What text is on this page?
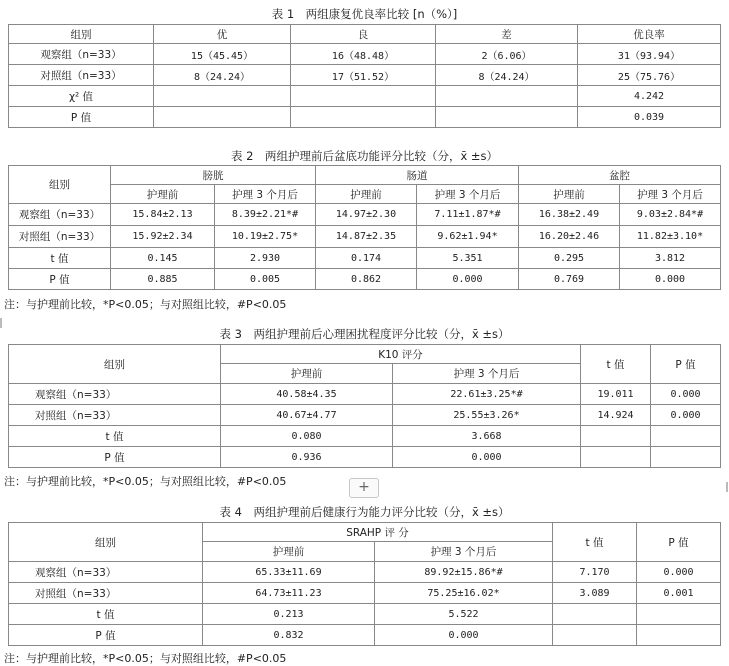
表 1　两组康复优良率比较 [n（%）]
组别	优	良	差	优良率
观察组（n=33）	15（45.45）	16（48.48）	2（6.06）	31（93.94）
对照组（n=33）	8（24.24）	17（51.52）	8（24.24）	25（75.76）
χ² 值				4.242
P 值				0.039
表 2　两组护理前后盆底功能评分比较（分，x̄ ±s）
组别	膀胱		肠道		盆腔	
	护理前	护理 3 个月后	护理前	护理 3 个月后	护理前	护理 3 个月后
观察组（n=33）	15.84±2.13	8.39±2.21*#	14.97±2.30	7.11±1.87*#	16.38±2.49	9.03±2.84*#
对照组（n=33）	15.92±2.34	10.19±2.75*	14.87±2.35	9.62±1.94*	16.20±2.46	11.82±3.10*
t 值	0.145	2.930	0.174	5.351	0.295	3.812
P 值	0.885	0.005	0.862	0.000	0.769	0.000
注：与护理前比较，*P<0.05；与对照组比较，#P<0.05
表 3　两组护理前后心理困扰程度评分比较（分，x̄ ±s）
组别	K10 评分		t 值	P 值
	护理前	护理 3 个月后		
观察组（n=33）	40.58±4.35	22.61±3.25*#	19.011	0.000
对照组（n=33）	40.67±4.77	25.55±3.26*	14.924	0.000
t 值	0.080	3.668		
P 值	0.936	0.000		
注：与护理前比较，*P<0.05；与对照组比较，#P<0.05	+
表 4　两组护理前后健康行为能力评分比较（分，x̄ ±s）
组别	SRAHP 评 分		t 值	P 值
	护理前	护理 3 个月后		
观察组（n=33）	65.33±11.69	89.92±15.86*#	7.170	0.000
对照组（n=33）	64.73±11.23	75.25±16.02*	3.089	0.001
t 值	0.213	5.522		
P 值	0.832	0.000		
注：与护理前比较，*P<0.05；与对照组比较，#P<0.05
